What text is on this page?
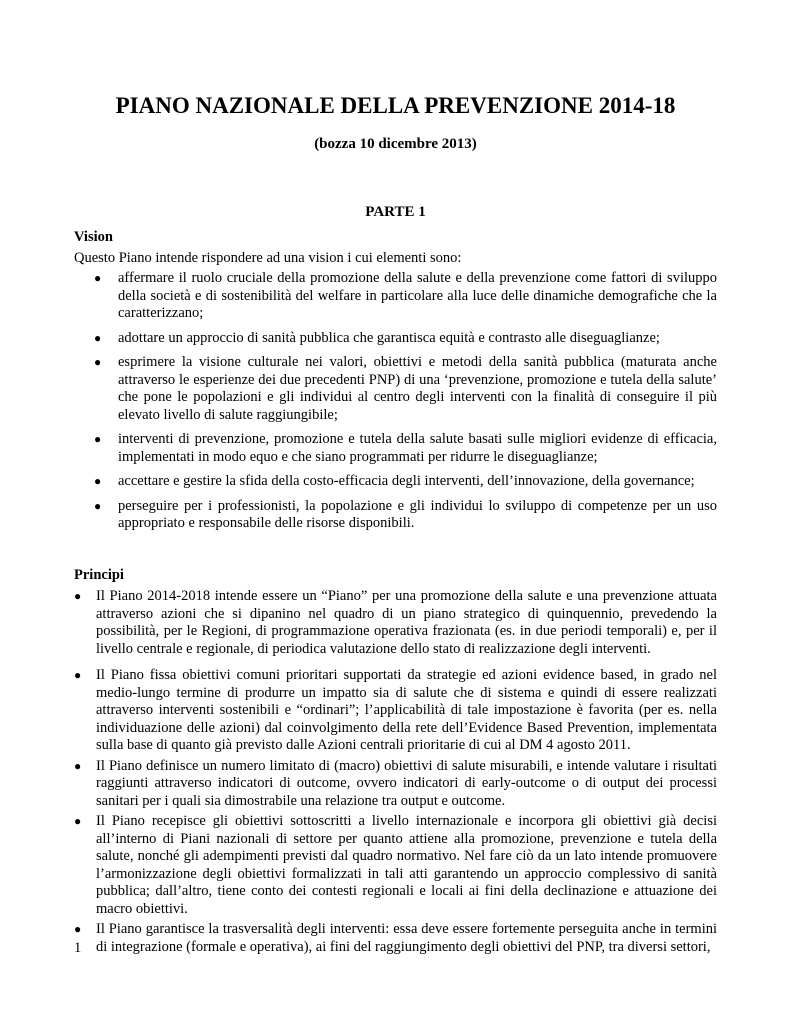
PIANO NAZIONALE DELLA PREVENZIONE 2014-18

(bozza 10 dicembre 2013)

PARTE 1

Vision

Questo Piano intende rispondere ad una vision i cui elementi sono:

● affermare il ruolo cruciale della promozione della salute e della prevenzione come fattori di sviluppo della società e di sostenibilità del welfare in particolare alla luce delle dinamiche demografiche che la caratterizzano;
● adottare un approccio di sanità pubblica che garantisca equità e contrasto alle diseguaglianze;
● esprimere la visione culturale nei valori, obiettivi e metodi della sanità pubblica (maturata anche attraverso le esperienze dei due precedenti PNP) di una ‘prevenzione, promozione e tutela della salute’ che pone le popolazioni e gli individui al centro degli interventi con la finalità di conseguire il più elevato livello di salute raggiungibile;
● interventi di prevenzione, promozione e tutela della salute basati sulle migliori evidenze di efficacia, implementati in modo equo e che siano programmati per ridurre le diseguaglianze;
● accettare e gestire la sfida della costo-efficacia degli interventi, dell’innovazione, della governance;
● perseguire per i professionisti, la popolazione e gli individui lo sviluppo di competenze per un uso appropriato e responsabile delle risorse disponibili.

Principi

● Il Piano 2014-2018 intende essere un “Piano” per una promozione della salute e una prevenzione attuata attraverso azioni che si dipanino nel quadro di un piano strategico di quinquennio, prevedendo la possibilità, per le Regioni, di programmazione operativa frazionata (es. in due periodi temporali) e, per il livello centrale e regionale, di periodica valutazione dello stato di realizzazione degli interventi.
● Il Piano fissa obiettivi comuni prioritari supportati da strategie ed azioni evidence based, in grado nel medio-lungo termine di produrre un impatto sia di salute che di sistema e quindi di essere realizzati attraverso interventi sostenibili e “ordinari”; l’applicabilità di tale impostazione è favorita (per es. nella individuazione delle azioni) dal coinvolgimento della rete dell’Evidence Based Prevention, implementata sulla base di quanto già previsto dalle Azioni centrali prioritarie di cui al DM 4 agosto 2011.
● Il Piano definisce un numero limitato di (macro) obiettivi di salute misurabili, e intende valutare i risultati raggiunti attraverso indicatori di outcome, ovvero indicatori di early-outcome o di output dei processi sanitari per i quali sia dimostrabile una relazione tra output e outcome.
● Il Piano recepisce gli obiettivi sottoscritti a livello internazionale e incorpora gli obiettivi già decisi all’interno di Piani nazionali di settore per quanto attiene alla promozione, prevenzione e tutela della salute, nonché gli adempimenti previsti dal quadro normativo. Nel fare ciò da un lato intende promuovere l’armonizzazione degli obiettivi formalizzati in tali atti garantendo un approccio complessivo di sanità pubblica; dall’altro, tiene conto dei contesti regionali e locali ai fini della declinazione e attuazione dei macro obiettivi.
● Il Piano garantisce la trasversalità degli interventi: essa deve essere fortemente perseguita anche in termini di integrazione (formale e operativa), ai fini del raggiungimento degli obiettivi del PNP, tra diversi settori,

1
